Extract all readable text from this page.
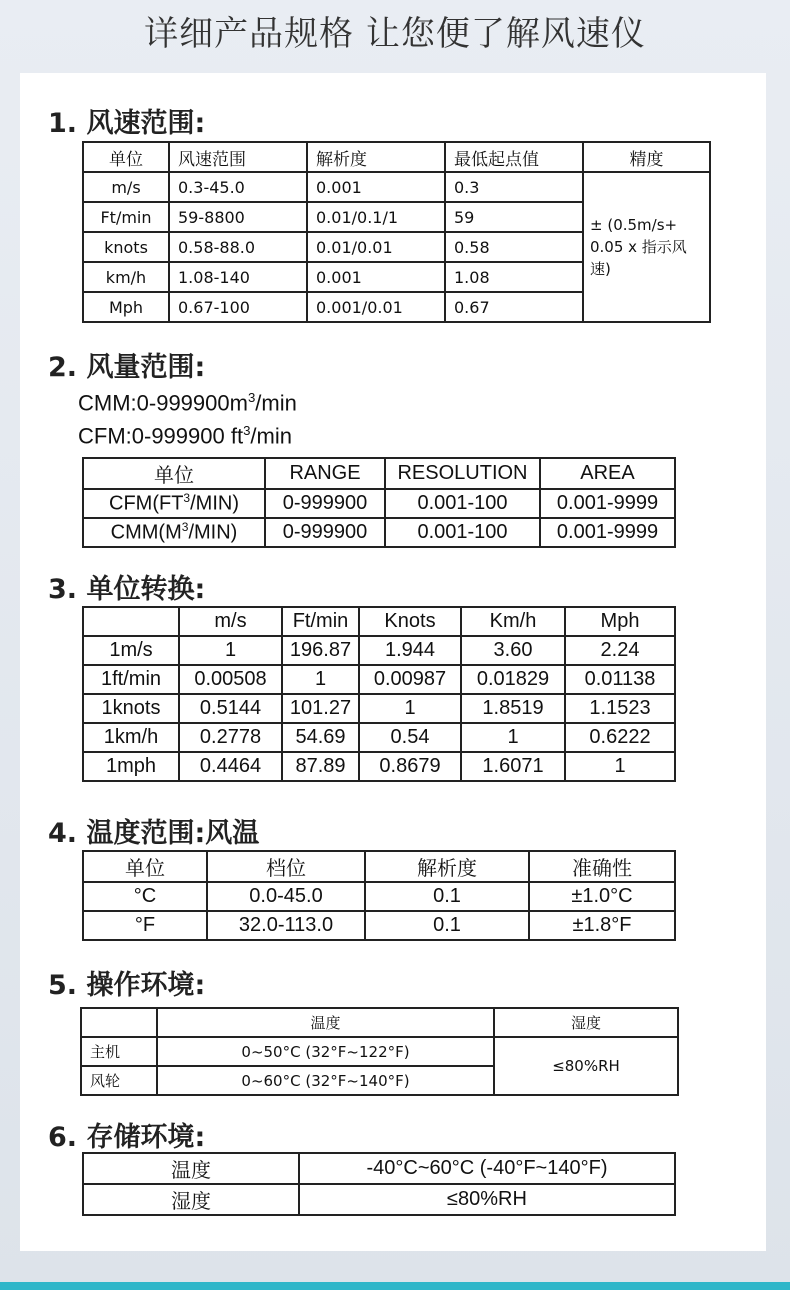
详细产品规格 让您便了解风速仪
1. 风速范围:
单位	风速范围	解析度	最低起点值	精度
m/s	0.3-45.0	0.001	0.3	± (0.5m/s+ 0.05 x 指示风速)
Ft/min	59-8800	0.01/0.1/1	59	
knots	0.58-88.0	0.01/0.01	0.58	
km/h	1.08-140	0.001	1.08	
Mph	0.67-100	0.001/0.01	0.67	
2. 风量范围:
$CMM:0-999900m^3/\min$
CFM:0-999900 $ft^3/\min$
单位	RANGE	RESOLUTION	AREA
$CFM(FT^3/MIN)$	0-999900	0.001-100	0.001-9999
$CMM(M^3/MIN)$	0-999900	0.001-100	0.001-9999
3. 单位转换:
	m/s	Ft/min	Knots	Km/h	Mph
1m/s	1	196.87	1.944	3.60	2.24
1ft/min	0.00508	1	0.00987	0.01829	0.01138
1knots	0.5144	101.27	1	1.8519	1.1523
1km/h	0.2778	54.69	0.54	1	0.6222
1mph	0.4464	87.89	0.8679	1.6071	1
4. 温度范围:风温
单位	档位	解析度	准确性
°C	0.0-45.0	0.1	±1.0°C
°F	32.0-113.0	0.1	±1.8°F
5. 操作环境:
	温度	湿度
主机	0~50°C (32°F~122°F)	≤80%RH
风轮	0~60°C (32°F~140°F)	
6. 存储环境:
温度	-40°C~60°C (-40°F~140°F)
湿度	≤80%RH
